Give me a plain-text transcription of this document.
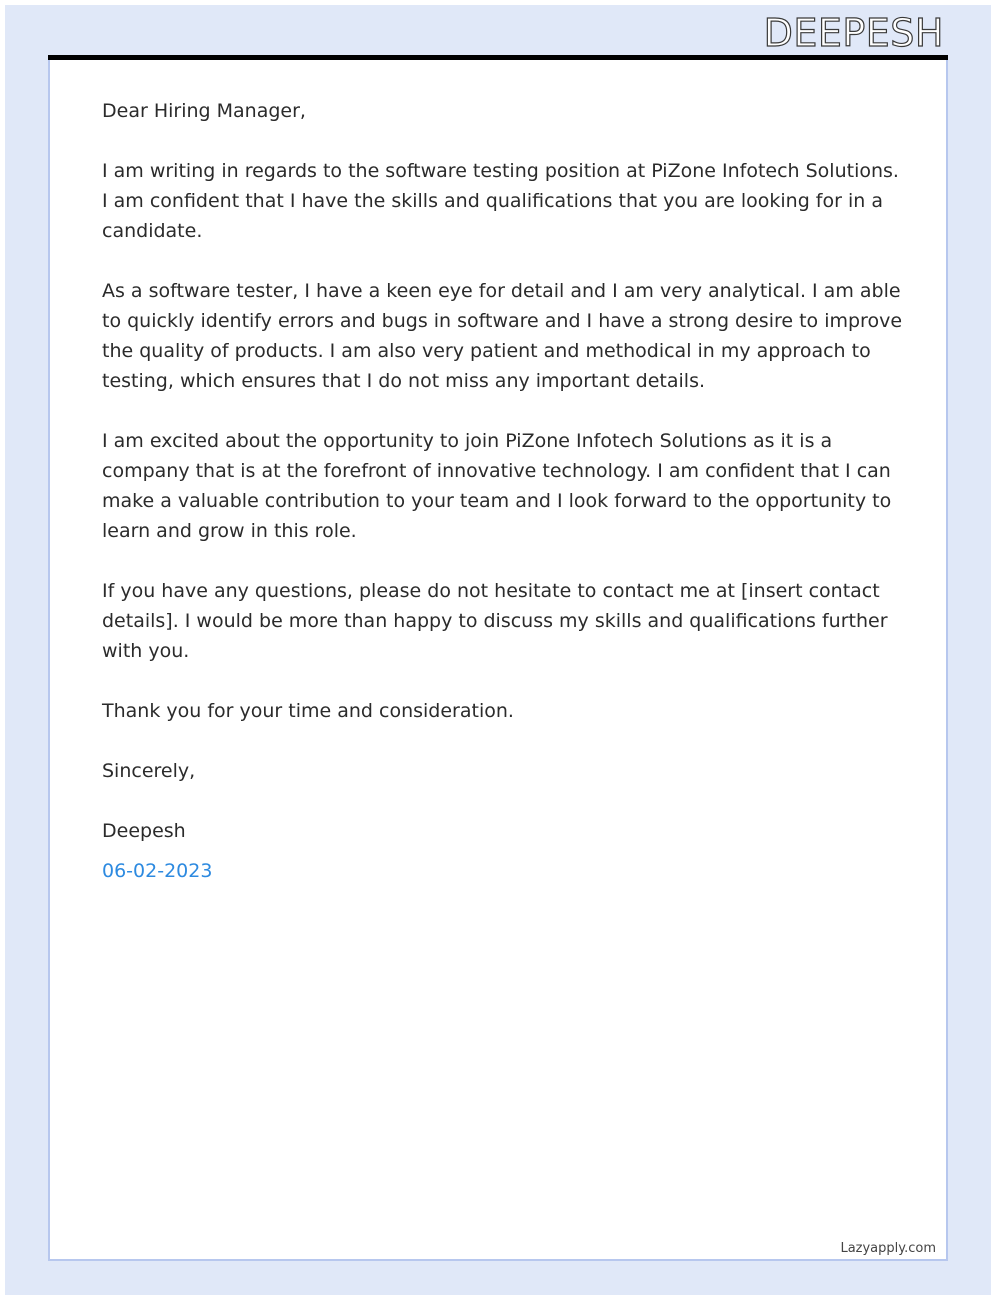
DEEPESH

Dear Hiring Manager,

I am writing in regards to the software testing position at PiZone Infotech Solutions. I am confident that I have the skills and qualifications that you are looking for in a candidate.

As a software tester, I have a keen eye for detail and I am very analytical. I am able to quickly identify errors and bugs in software and I have a strong desire to improve the quality of products. I am also very patient and methodical in my approach to testing, which ensures that I do not miss any important details.

I am excited about the opportunity to join PiZone Infotech Solutions as it is a company that is at the forefront of innovative technology. I am confident that I can make a valuable contribution to your team and I look forward to the opportunity to learn and grow in this role.

If you have any questions, please do not hesitate to contact me at [insert contact details]. I would be more than happy to discuss my skills and qualifications further with you.

Thank you for your time and consideration.

Sincerely,

Deepesh

06-02-2023

Lazyapply.com
